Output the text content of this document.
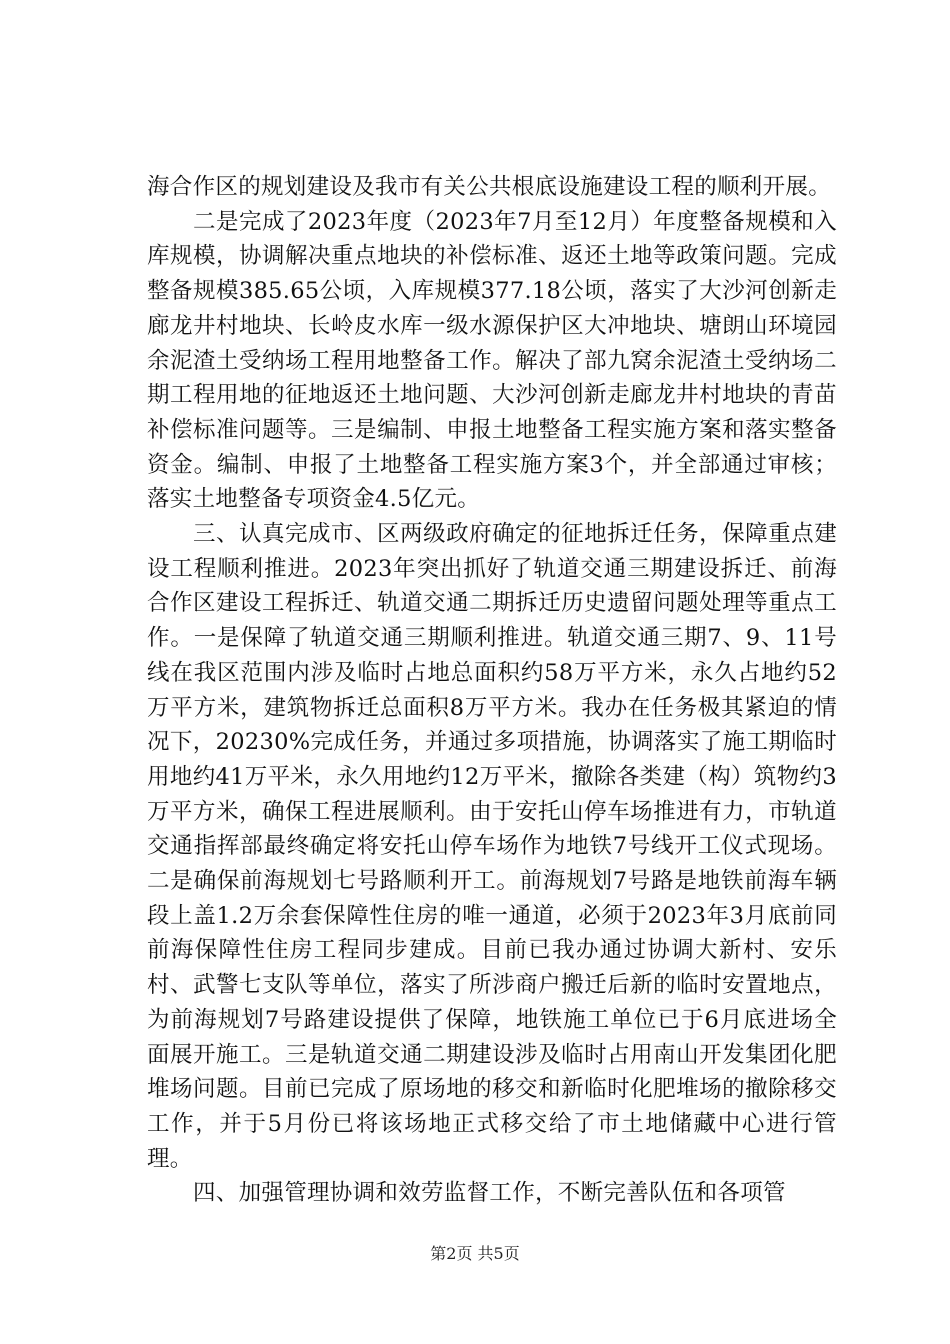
海合作区的规划建设及我市有关公共根底设施建设工程的顺利开展。

二是完成了2023年度（2023年7月至12月）年度整备规模和入库规模，协调解决重点地块的补偿标准、返还土地等政策问题。完成整备规模385.65公顷，入库规模377.18公顷，落实了大沙河创新走廊龙井村地块、长岭皮水库一级水源保护区大冲地块、塘朗山环境园余泥渣土受纳场工程用地整备工作。解决了部九窝余泥渣土受纳场二期工程用地的征地返还土地问题、大沙河创新走廊龙井村地块的青苗补偿标准问题等。三是编制、申报土地整备工程实施方案和落实整备资金。编制、申报了土地整备工程实施方案3个，并全部通过审核；落实土地整备专项资金4.5亿元。

三、认真完成市、区两级政府确定的征地拆迁任务，保障重点建设工程顺利推进。2023年突出抓好了轨道交通三期建设拆迁、前海合作区建设工程拆迁、轨道交通二期拆迁历史遗留问题处理等重点工作。一是保障了轨道交通三期顺利推进。轨道交通三期7、9、11号线在我区范围内涉及临时占地总面积约58万平方米，永久占地约52万平方米，建筑物拆迁总面积8万平方米。我办在任务极其紧迫的情况下，20230%完成任务，并通过多项措施，协调落实了施工期临时用地约41万平米，永久用地约12万平米，撤除各类建（构）筑物约3万平方米，确保工程进展顺利。由于安托山停车场推进有力，市轨道交通指挥部最终确定将安托山停车场作为地铁7号线开工仪式现场。二是确保前海规划七号路顺利开工。前海规划7号路是地铁前海车辆段上盖1.2万余套保障性住房的唯一通道，必须于2023年3月底前同前海保障性住房工程同步建成。目前已我办通过协调大新村、安乐村、武警七支队等单位，落实了所涉商户搬迁后新的临时安置地点，为前海规划7号路建设提供了保障，地铁施工单位已于6月底进场全面展开施工。三是轨道交通二期建设涉及临时占用南山开发集团化肥堆场问题。目前已完成了原场地的移交和新临时化肥堆场的撤除移交工作，并于5月份已将该场地正式移交给了市土地储藏中心进行管理。

四、加强管理协调和效劳监督工作，不断完善队伍和各项管

第2页 共5页
